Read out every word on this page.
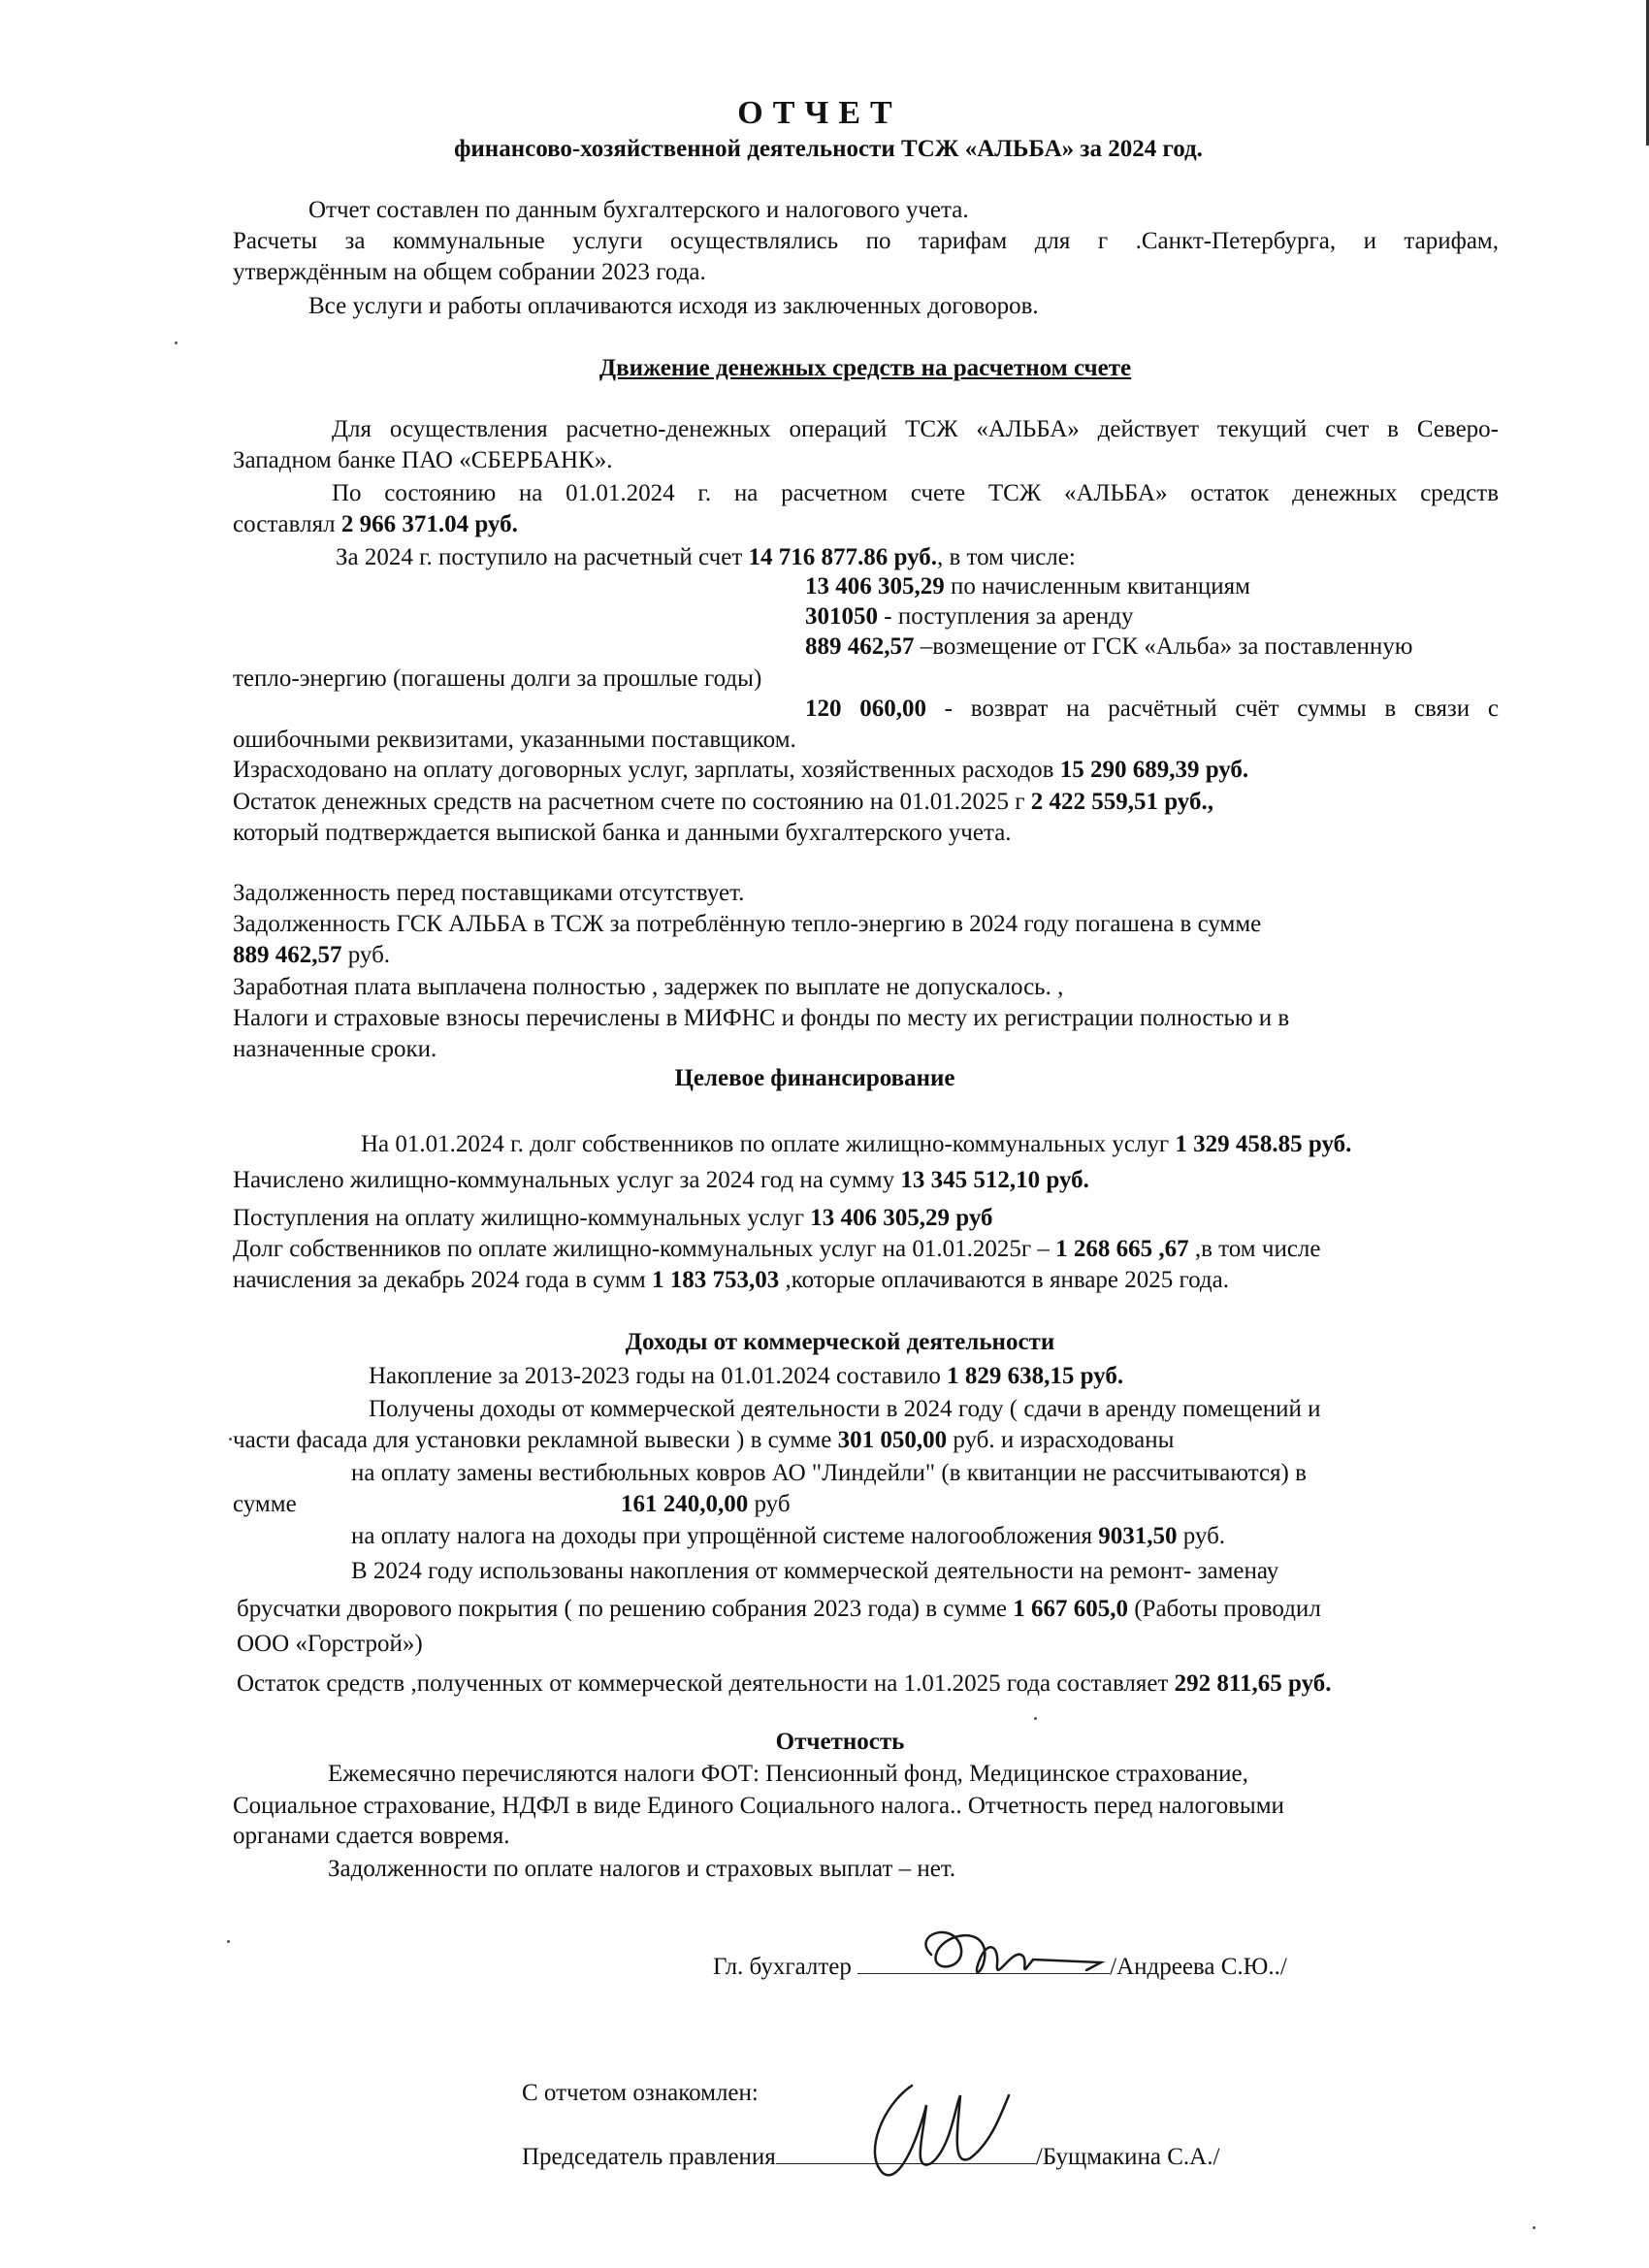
ОТЧЕТ
финансово-хозяйственной деятельности ТСЖ «АЛЬБА» за 2024 год.
Отчет составлен по данным бухгалтерского и налогового учета.
Расчеты за коммунальные услуги осуществлялись по тарифам для г .Санкт-Петербурга, и тарифам,
утверждённым на общем собрании 2023 года.
Все услуги и работы оплачиваются исходя из заключенных договоров.
Движение денежных средств на расчетном счете
Для осуществления расчетно-денежных операций ТСЖ «АЛЬБА» действует текущий счет в Северо-
Западном банке ПАО «СБЕРБАНК».
По состоянию на 01.01.2024 г. на расчетном счете ТСЖ «АЛЬБА» остаток денежных средств
составлял 2 966 371.04 руб.
За 2024 г. поступило на расчетный счет 14 716 877.86 руб., в том числе:
13 406 305,29 по начисленным квитанциям
301050 - поступления за аренду
889 462,57 –возмещение от ГСК «Альба» за поставленную
тепло-энергию (погашены долги за прошлые годы)
120 060,00 - возврат на расчётный счёт суммы в связи с
ошибочными реквизитами, указанными поставщиком.
Израсходовано на оплату договорных услуг, зарплаты, хозяйственных расходов 15 290 689,39 руб.
Остаток денежных средств на расчетном счете по состоянию на 01.01.2025 г 2 422 559,51 руб.,
который подтверждается выпиской банка и данными бухгалтерского учета.
Задолженность перед поставщиками отсутствует.
Задолженность ГСК АЛЬБА в ТСЖ за потреблённую тепло-энергию в 2024 году погашена в сумме
889 462,57 руб.
Заработная плата выплачена полностью , задержек по выплате не допускалось. ,
Налоги и страховые взносы перечислены в МИФНС и фонды по месту их регистрации полностью и в
назначенные сроки.
Целевое финансирование
На 01.01.2024 г. долг собственников по оплате жилищно-коммунальных услуг 1 329 458.85 руб.
Начислено жилищно-коммунальных услуг за 2024 год на сумму 13 345 512,10 руб.
Поступления на оплату жилищно-коммунальных услуг 13 406 305,29 руб
Долг собственников по оплате жилищно-коммунальных услуг на 01.01.2025г – 1 268 665 ,67 ,в том числе
начисления за декабрь 2024 года в сумм 1 183 753,03 ,которые оплачиваются в январе 2025 года.
Доходы от коммерческой деятельности
Накопление за 2013-2023 годы на 01.01.2024 составило 1 829 638,15 руб.
Получены доходы от коммерческой деятельности в 2024 году ( сдачи в аренду помещений и
части фасада для установки рекламной вывески ) в сумме 301 050,00 руб. и израсходованы
на оплату замены вестибюльных ковров АО "Линдейли" (в квитанции не рассчитываются) в
сумме	161 240,0,00 руб
на оплату налога на доходы при упрощённой системе налогообложения 9031,50 руб.
В 2024 году использованы накопления от коммерческой деятельности на ремонт- заменау
брусчатки дворового покрытия ( по решению собрания 2023 года) в сумме 1 667 605,0 (Работы проводил
ООО «Горстрой»)
Остаток средств ,полученных от коммерческой деятельности на 1.01.2025 года составляет 292 811,65 руб.
Отчетность
Ежемесячно перечисляются налоги ФОТ: Пенсионный фонд, Медицинское страхование,
Социальное страхование, НДФЛ в виде Единого Социального налога.. Отчетность перед налоговыми
органами сдается вовремя.
Задолженности по оплате налогов и страховых выплат – нет.
Гл. бухгалтер	/Андреева С.Ю../
С отчетом ознакомлен:
Председатель правления	/Бущмакина С.А./
